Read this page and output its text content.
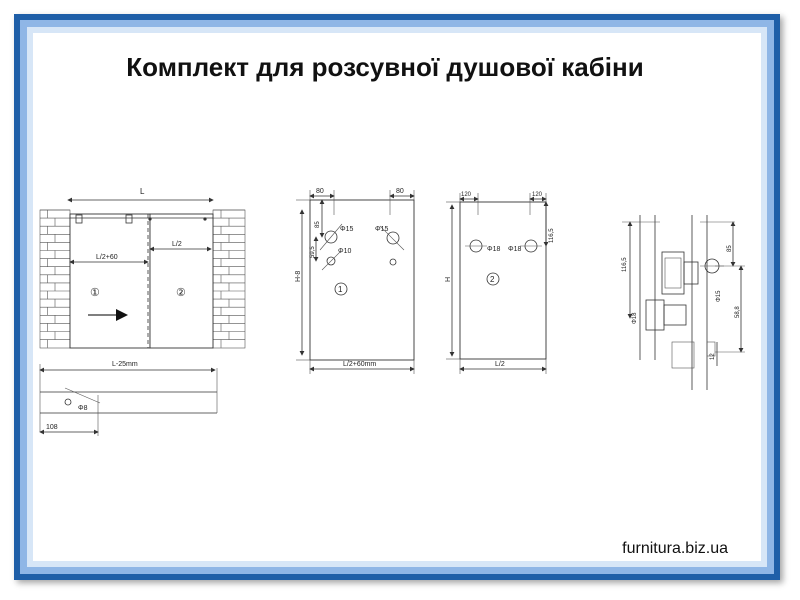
Комплект для розсувної душової кабіни
L
L/2+60
L/2
①	②
L-25mm
Φ8
108
80	80
Φ15	Φ15
Φ10
85
59,5
1
H-8
L/2+60mm
120	120
Φ18 Φ18
116,5
2
H
L/2
116,5
85
58,8
Φ18
Φ15
12
furnitura.biz.ua
